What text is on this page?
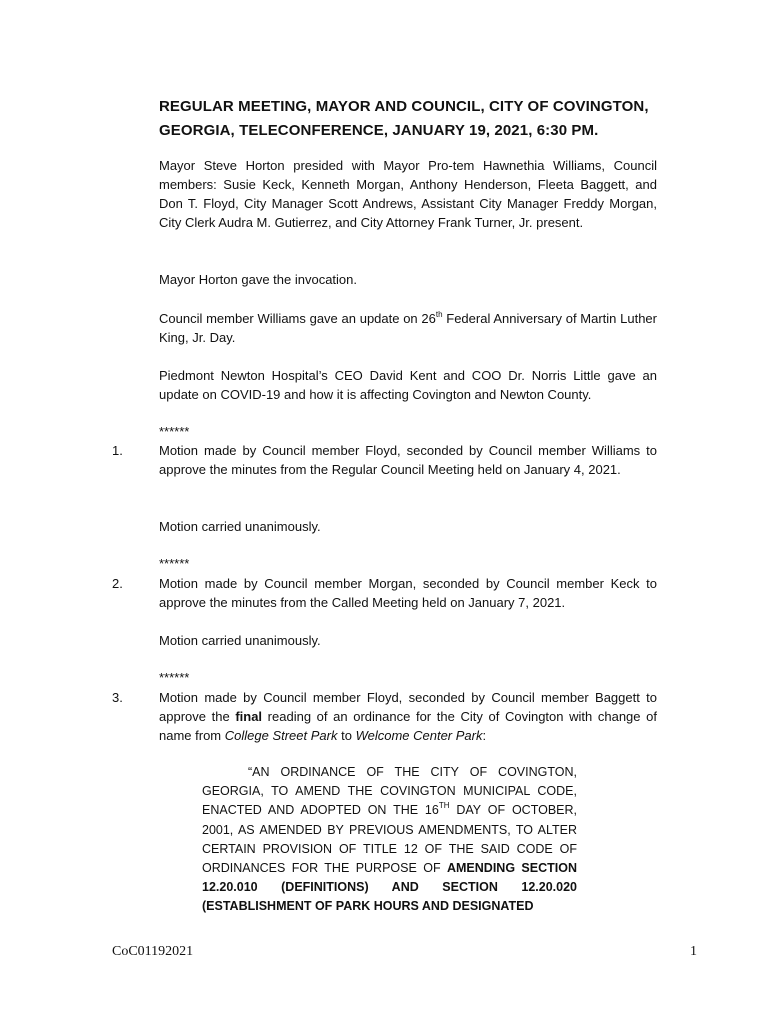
REGULAR MEETING, MAYOR AND COUNCIL, CITY OF COVINGTON,
GEORGIA, TELECONFERENCE, JANUARY 19, 2021, 6:30 PM.
Mayor Steve Horton presided with Mayor Pro-tem Hawnethia Williams, Council members: Susie Keck, Kenneth Morgan, Anthony Henderson, Fleeta Baggett, and Don T. Floyd, City Manager Scott Andrews, Assistant City Manager Freddy Morgan, City Clerk Audra M. Gutierrez, and City Attorney Frank Turner, Jr. present.
Mayor Horton gave the invocation.
Council member Williams gave an update on 26th Federal Anniversary of Martin Luther King, Jr. Day.
Piedmont Newton Hospital’s CEO David Kent and COO Dr. Norris Little gave an update on COVID-19 and how it is affecting Covington and Newton County.
******
1.	Motion made by Council member Floyd, seconded by Council member Williams to approve the minutes from the Regular Council Meeting held on January 4, 2021.
Motion carried unanimously.
******
2.	Motion made by Council member Morgan, seconded by Council member Keck to approve the minutes from the Called Meeting held on January 7, 2021.
Motion carried unanimously.
******
3.	Motion made by Council member Floyd, seconded by Council member Baggett to approve the final reading of an ordinance for the City of Covington with change of name from College Street Park to Welcome Center Park:
“AN ORDINANCE OF THE CITY OF COVINGTON, GEORGIA, TO AMEND THE COVINGTON MUNICIPAL CODE, ENACTED AND ADOPTED ON THE 16TH DAY OF OCTOBER, 2001, AS AMENDED BY PREVIOUS AMENDMENTS, TO ALTER CERTAIN PROVISION OF TITLE 12 OF THE SAID CODE OF ORDINANCES FOR THE PURPOSE OF AMENDING SECTION 12.20.010 (DEFINITIONS) AND SECTION 12.20.020 (ESTABLISHMENT OF PARK HOURS AND DESIGNATED
CoC01192021	1
